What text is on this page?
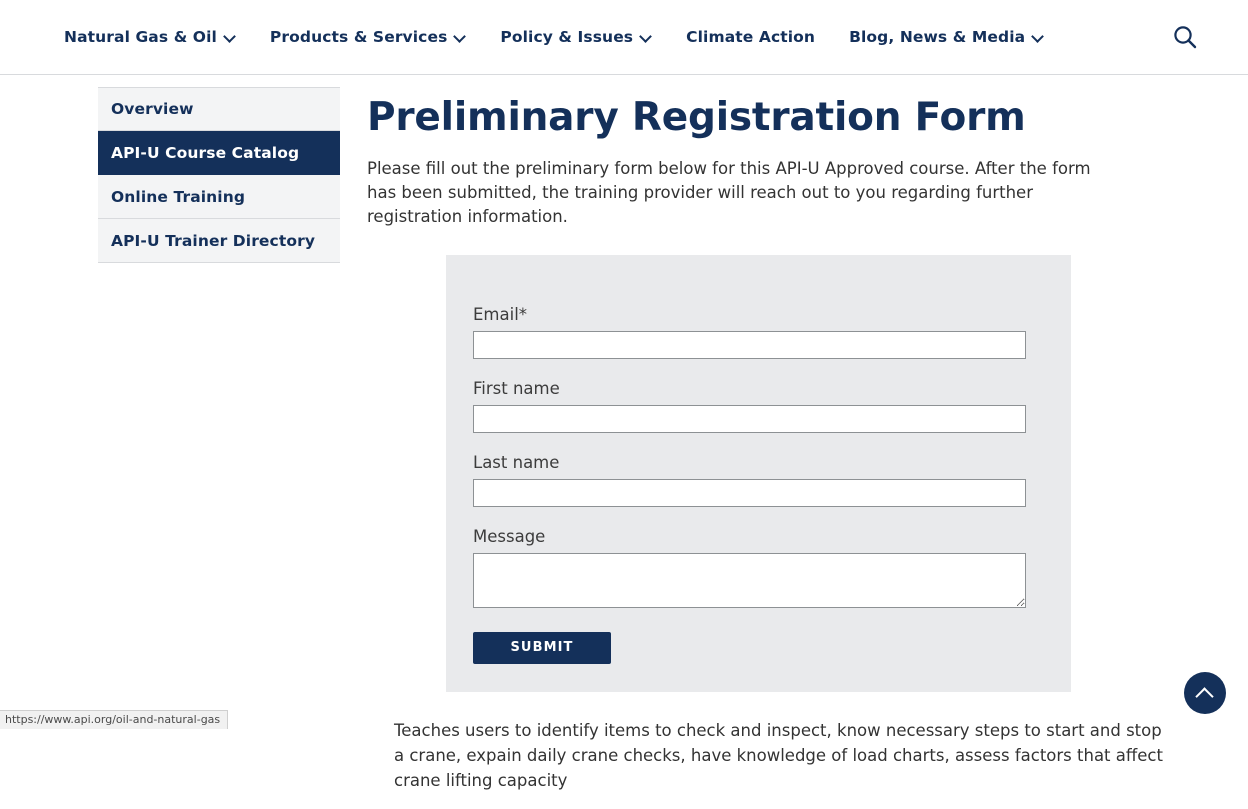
Natural Gas & Oil	Products & Services	Policy & Issues	Climate Action Blog, News & Media
Overview
API-U Course Catalog
Online Training
API-U Trainer Directory
Preliminary Registration Form

Please fill out the preliminary form below for this API-U Approved course. After the form has been submitted, the training provider will reach out to you regarding further registration information.

Email*
First name
Last name
Message
SUBMIT

Teaches users to identify items to check and inspect, know necessary steps to start and stop a crane, expain daily crane checks, have knowledge of load charts, assess factors that affect crane lifting capacity

https://www.api.org/oil-and-natural-gas
